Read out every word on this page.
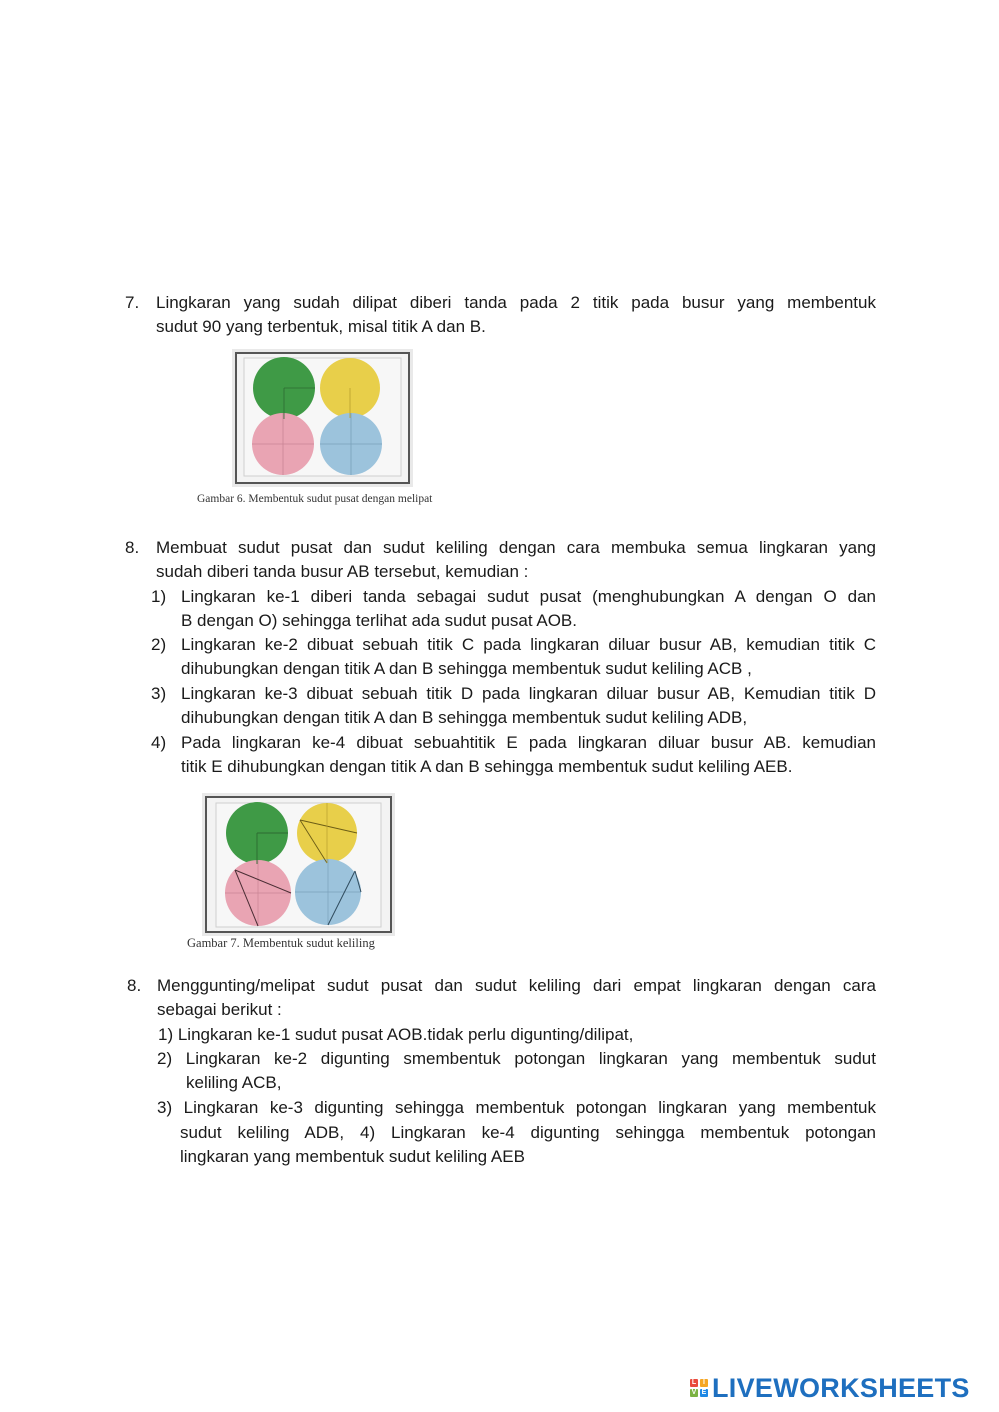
7. Lingkaran yang sudah dilipat diberi tanda pada 2 titik pada busur yang membentuk
sudut 90 yang terbentuk, misal titik A dan B.
Gambar 6. Membentuk sudut pusat dengan melipat
8. Membuat sudut pusat dan sudut keliling dengan cara membuka semua lingkaran yang
sudah diberi tanda busur AB tersebut, kemudian :
1) Lingkaran ke-1 diberi tanda sebagai sudut pusat (menghubungkan A dengan O dan
B dengan O) sehingga terlihat ada sudut pusat AOB.
2) Lingkaran ke-2 dibuat sebuah titik C pada lingkaran diluar busur AB, kemudian titik C
dihubungkan dengan titik A dan B sehingga membentuk sudut keliling ACB ,
3) Lingkaran ke-3 dibuat sebuah titik D pada lingkaran diluar busur AB, Kemudian titik D
dihubungkan dengan titik A dan B sehingga membentuk sudut keliling ADB,
4) Pada lingkaran ke-4 dibuat sebuahtitik E pada lingkaran diluar busur AB. kemudian
titik E dihubungkan dengan titik A dan B sehingga membentuk sudut keliling AEB.
Gambar 7. Membentuk sudut keliling
8. Menggunting/melipat sudut pusat dan sudut keliling dari empat lingkaran dengan cara
sebagai berikut :
1) Lingkaran ke-1 sudut pusat AOB.tidak perlu digunting/dilipat,
2) Lingkaran ke-2 digunting smembentuk potongan lingkaran yang membentuk sudut
keliling ACB,
3) Lingkaran ke-3 digunting sehingga membentuk potongan lingkaran yang membentuk
sudut keliling ADB, 4) Lingkaran ke-4 digunting sehingga membentuk potongan
lingkaran yang membentuk sudut keliling AEB
L I
V E LIVEWORKSHEETS
